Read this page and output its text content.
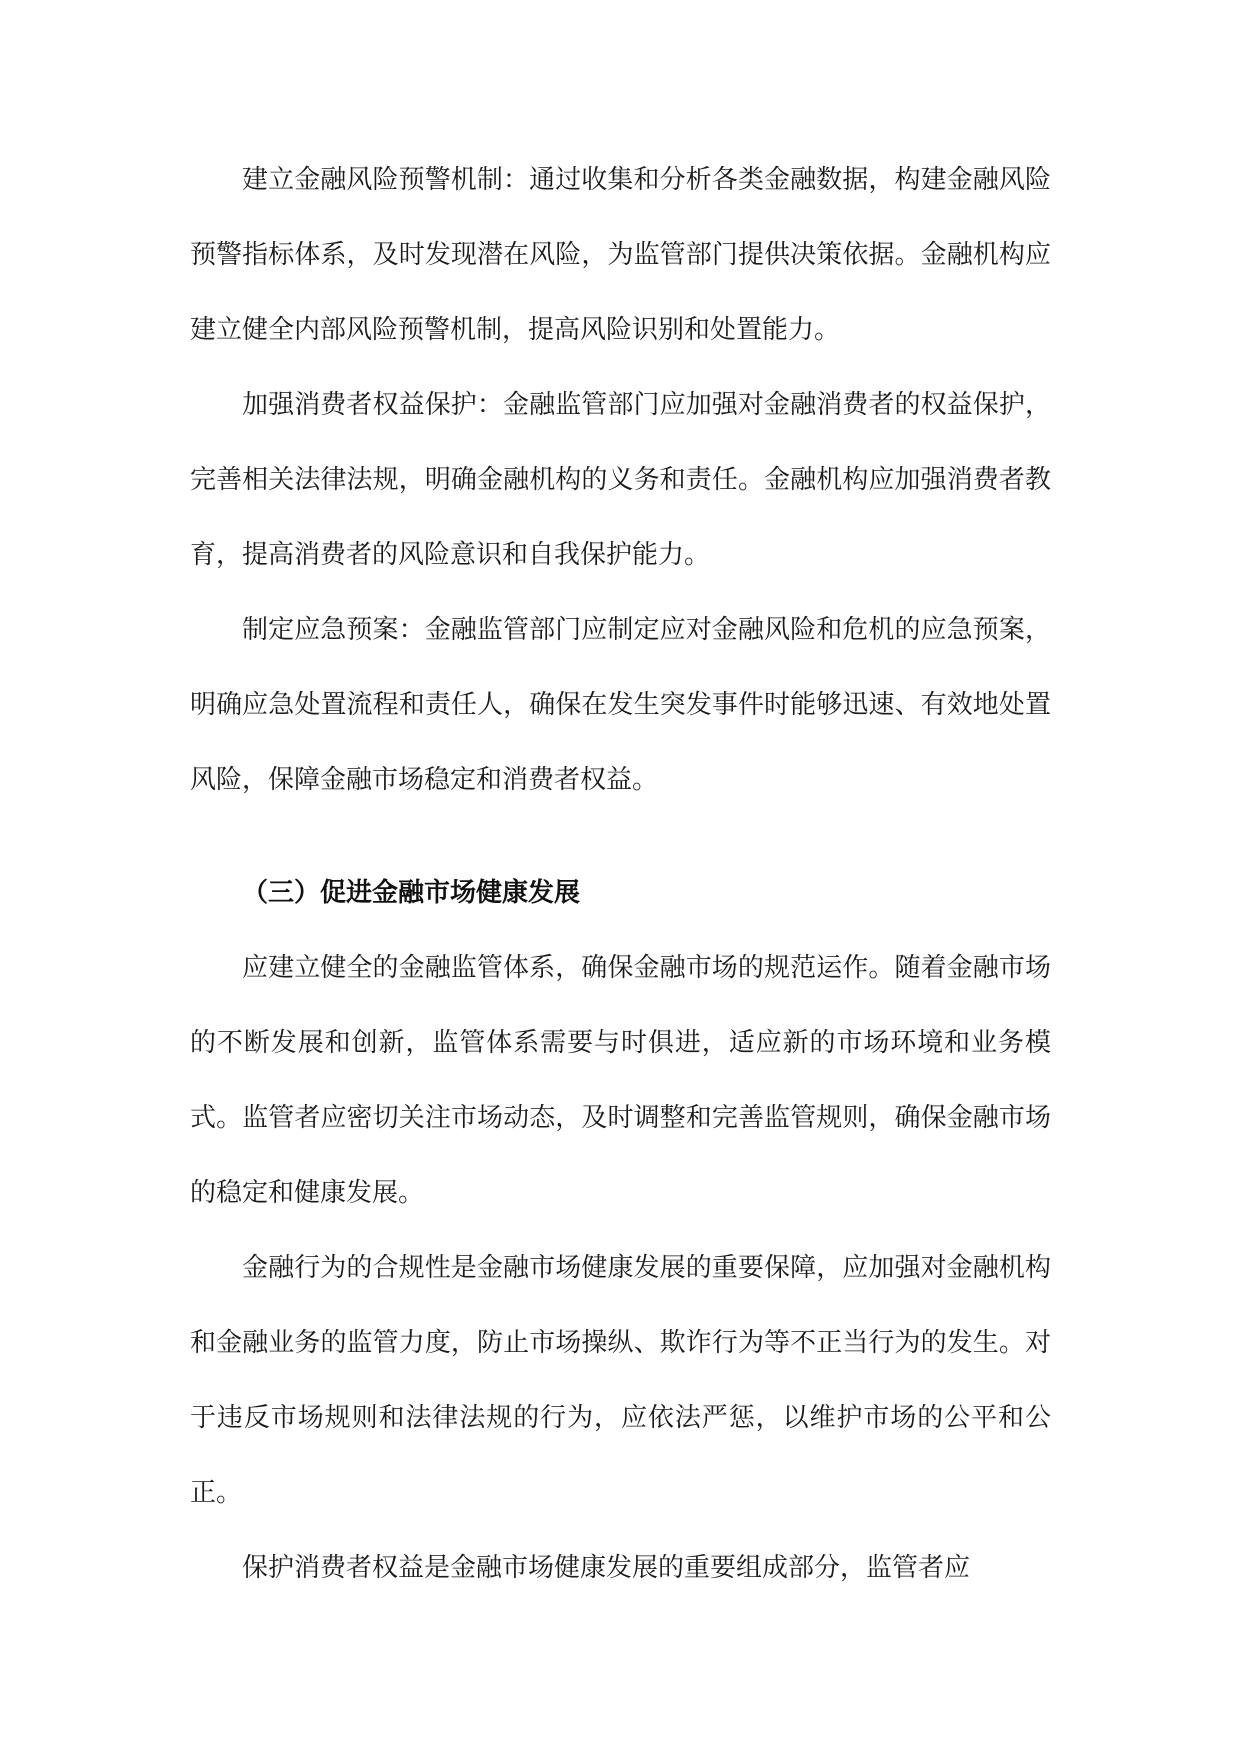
建立金融风险预警机制：通过收集和分析各类金融数据，构建金融风险预警指标体系，及时发现潜在风险，为监管部门提供决策依据。金融机构应建立健全内部风险预警机制，提高风险识别和处置能力。

加强消费者权益保护：金融监管部门应加强对金融消费者的权益保护，完善相关法律法规，明确金融机构的义务和责任。金融机构应加强消费者教育，提高消费者的风险意识和自我保护能力。

制定应急预案：金融监管部门应制定应对金融风险和危机的应急预案，明确应急处置流程和责任人，确保在发生突发事件时能够迅速、有效地处置风险，保障金融市场稳定和消费者权益。

（三）促进金融市场健康发展

应建立健全的金融监管体系，确保金融市场的规范运作。随着金融市场的不断发展和创新，监管体系需要与时俱进，适应新的市场环境和业务模式。监管者应密切关注市场动态，及时调整和完善监管规则，确保金融市场的稳定和健康发展。

金融行为的合规性是金融市场健康发展的重要保障，应加强对金融机构和金融业务的监管力度，防止市场操纵、欺诈行为等不正当行为的发生。对于违反市场规则和法律法规的行为，应依法严惩，以维护市场的公平和公正。

保护消费者权益是金融市场健康发展的重要组成部分，监管者应
